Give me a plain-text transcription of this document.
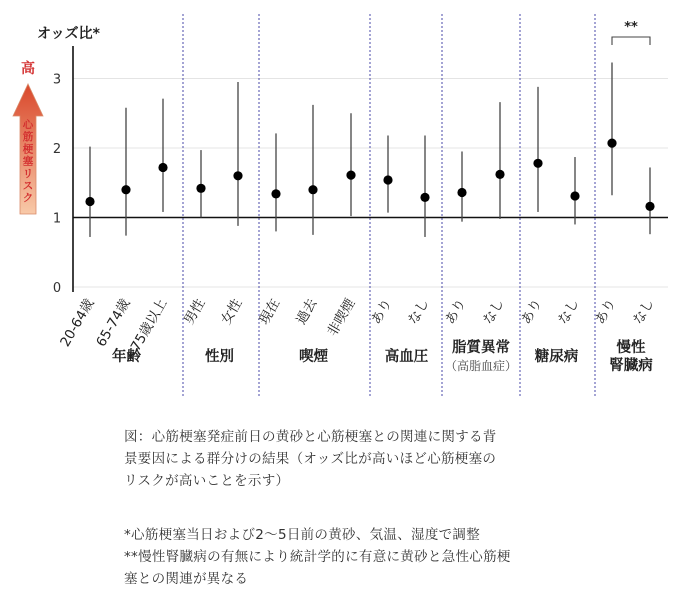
0
1
2
3
オッズ比*
高
心
筋
梗
塞
リ
ス
ク
20-64歳
65-74歳
75歳以上 男性 女性 現在 過去 非喫煙 あり なし あり なし あり なし あり なし
年齢	性別	喫煙	高血圧
脂質異常
（高脂血症）
糖尿病
慢性
腎臓病
**
図：心筋梗塞発症前日の黄砂と心筋梗塞との関連に関する背
景要因による群分けの結果（オッズ比が高いほど心筋梗塞の
リスクが高いことを示す）
*心筋梗塞当日および2～5日前の黄砂、気温、湿度で調整
**慢性腎臓病の有無により統計学的に有意に黄砂と急性心筋梗
塞との関連が異なる
